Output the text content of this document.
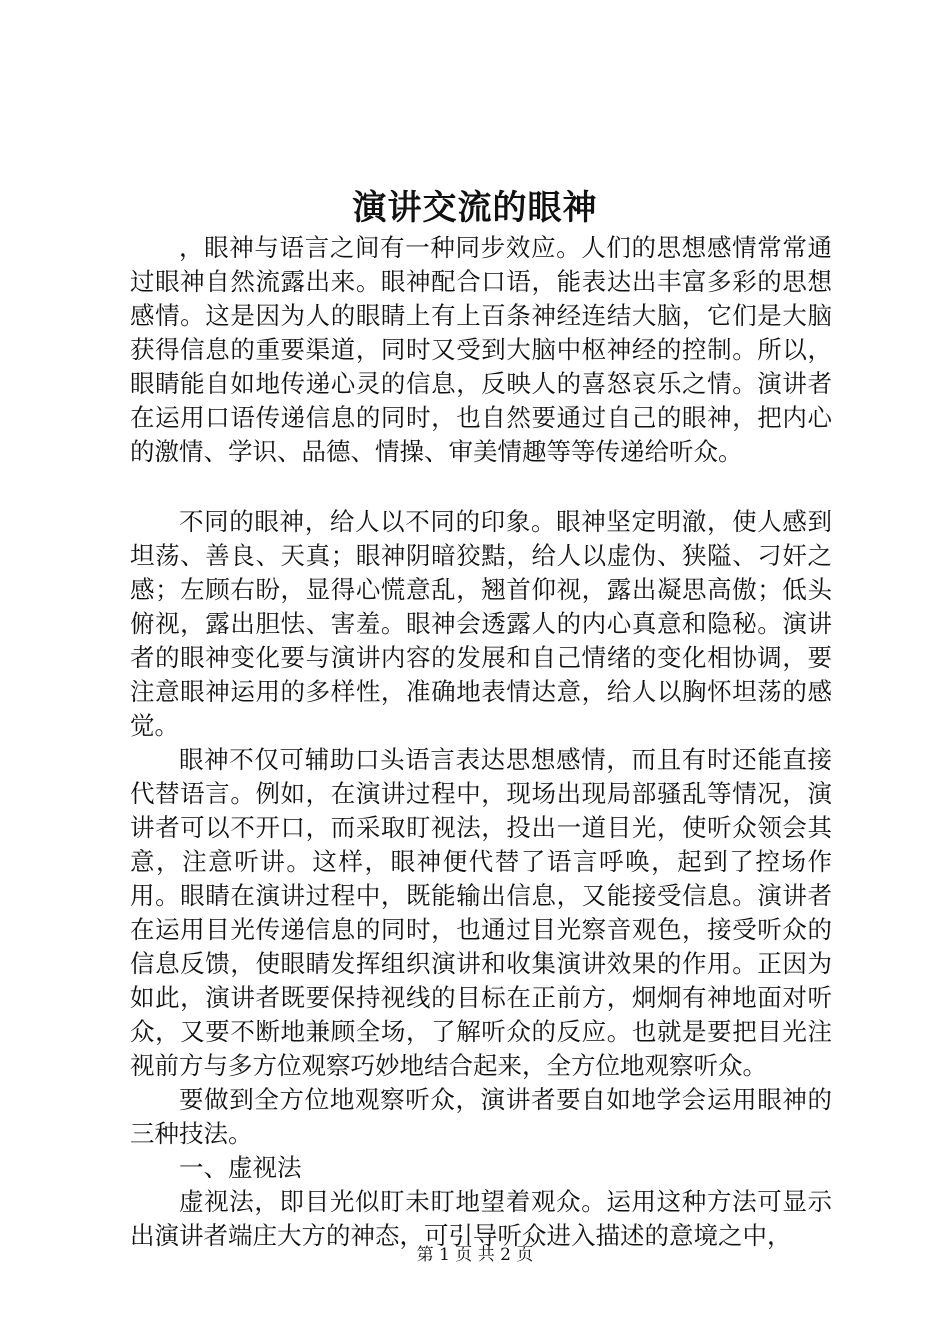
演讲交流的眼神

，眼神与语言之间有一种同步效应。人们的思想感情常常通过眼神自然流露出来。眼神配合口语，能表达出丰富多彩的思想感情。这是因为人的眼睛上有上百条神经连结大脑，它们是大脑获得信息的重要渠道，同时又受到大脑中枢神经的控制。所以，眼睛能自如地传递心灵的信息，反映人的喜怒哀乐之情。演讲者在运用口语传递信息的同时，也自然要通过自己的眼神，把内心的激情、学识、品德、情操、审美情趣等等传递给听众。

不同的眼神，给人以不同的印象。眼神坚定明澈，使人感到坦荡、善良、天真；眼神阴暗狡黠，给人以虚伪、狭隘、刁奸之感；左顾右盼，显得心慌意乱，翘首仰视，露出凝思高傲；低头俯视，露出胆怯、害羞。眼神会透露人的内心真意和隐秘。演讲者的眼神变化要与演讲内容的发展和自己情绪的变化相协调，要注意眼神运用的多样性，准确地表情达意，给人以胸怀坦荡的感觉。

眼神不仅可辅助口头语言表达思想感情，而且有时还能直接代替语言。例如，在演讲过程中，现场出现局部骚乱等情况，演讲者可以不开口，而采取盯视法，投出一道目光，使听众领会其意，注意听讲。这样，眼神便代替了语言呼唤，起到了控场作用。眼睛在演讲过程中，既能输出信息，又能接受信息。演讲者在运用目光传递信息的同时，也通过目光察音观色，接受听众的信息反馈，使眼睛发挥组织演讲和收集演讲效果的作用。正因为如此，演讲者既要保持视线的目标在正前方，炯炯有神地面对听众，又要不断地兼顾全场，了解听众的反应。也就是要把目光注视前方与多方位观察巧妙地结合起来，全方位地观察听众。

要做到全方位地观察听众，演讲者要自如地学会运用眼神的三种技法。

一、虚视法

虚视法，即目光似盯未盯地望着观众。运用这种方法可显示出演讲者端庄大方的神态，可引导听众进入描述的意境之中，

第 1 页 共 2 页
